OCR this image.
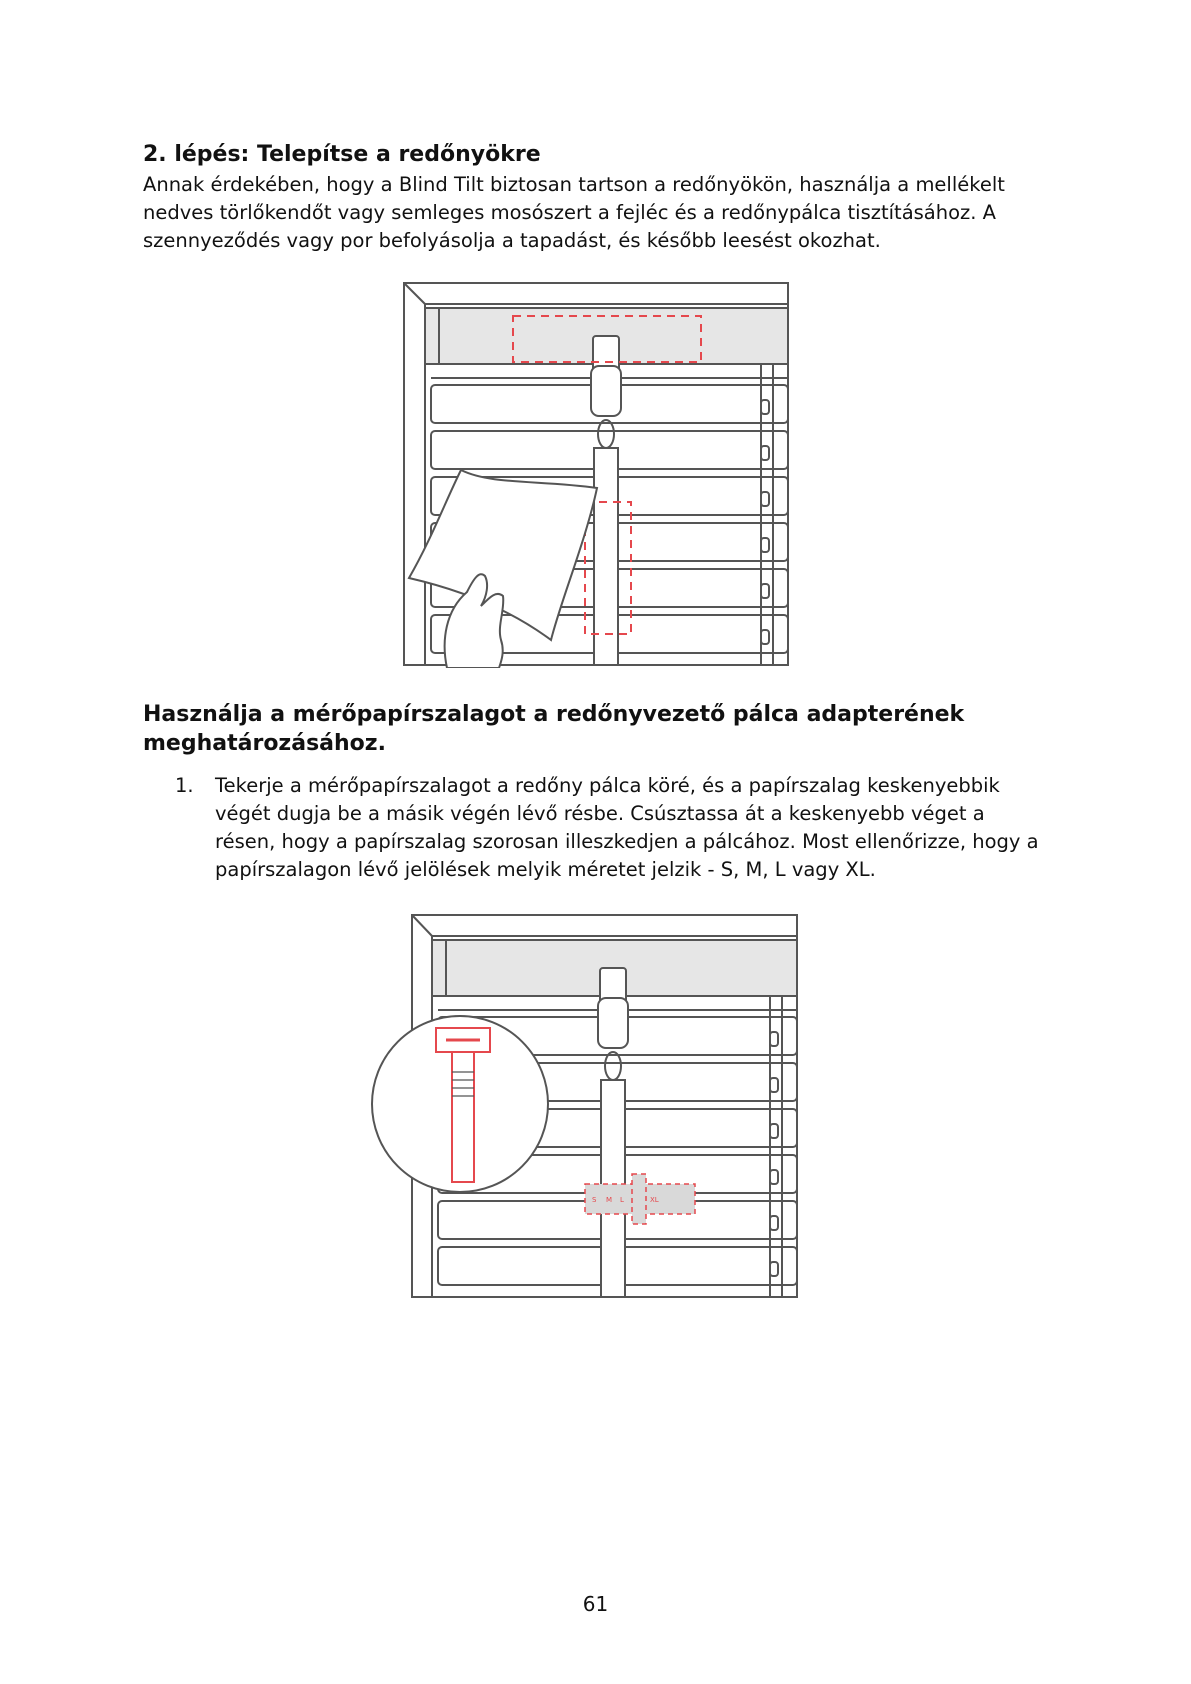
2. lépés: Telepítse a redőnyökre

Annak érdekében, hogy a Blind Tilt biztosan tartson a redőnyökön, használja a mellékelt nedves törlőkendőt vagy semleges mosószert a fejléc és a redőnypálca tisztításához. A szennyeződés vagy por befolyásolja a tapadást, és később leesést okozhat.

Használja a mérőpapírszalagot a redőnyvezető pálca adapterének meghatározásához.
1. Tekerje a mérőpapírszalagot a redőny pálca köré, és a papírszalag keskenyebbik végét dugja be a másik végén lévő résbe. Csúsztassa át a keskenyebb véget a résen, hogy a papírszalag szorosan illeszkedjen a pálcához. Most ellenőrizze, hogy a papírszalagon lévő jelölések melyik méretet jelzik - S, M, L vagy XL.
S M L	XL
61
